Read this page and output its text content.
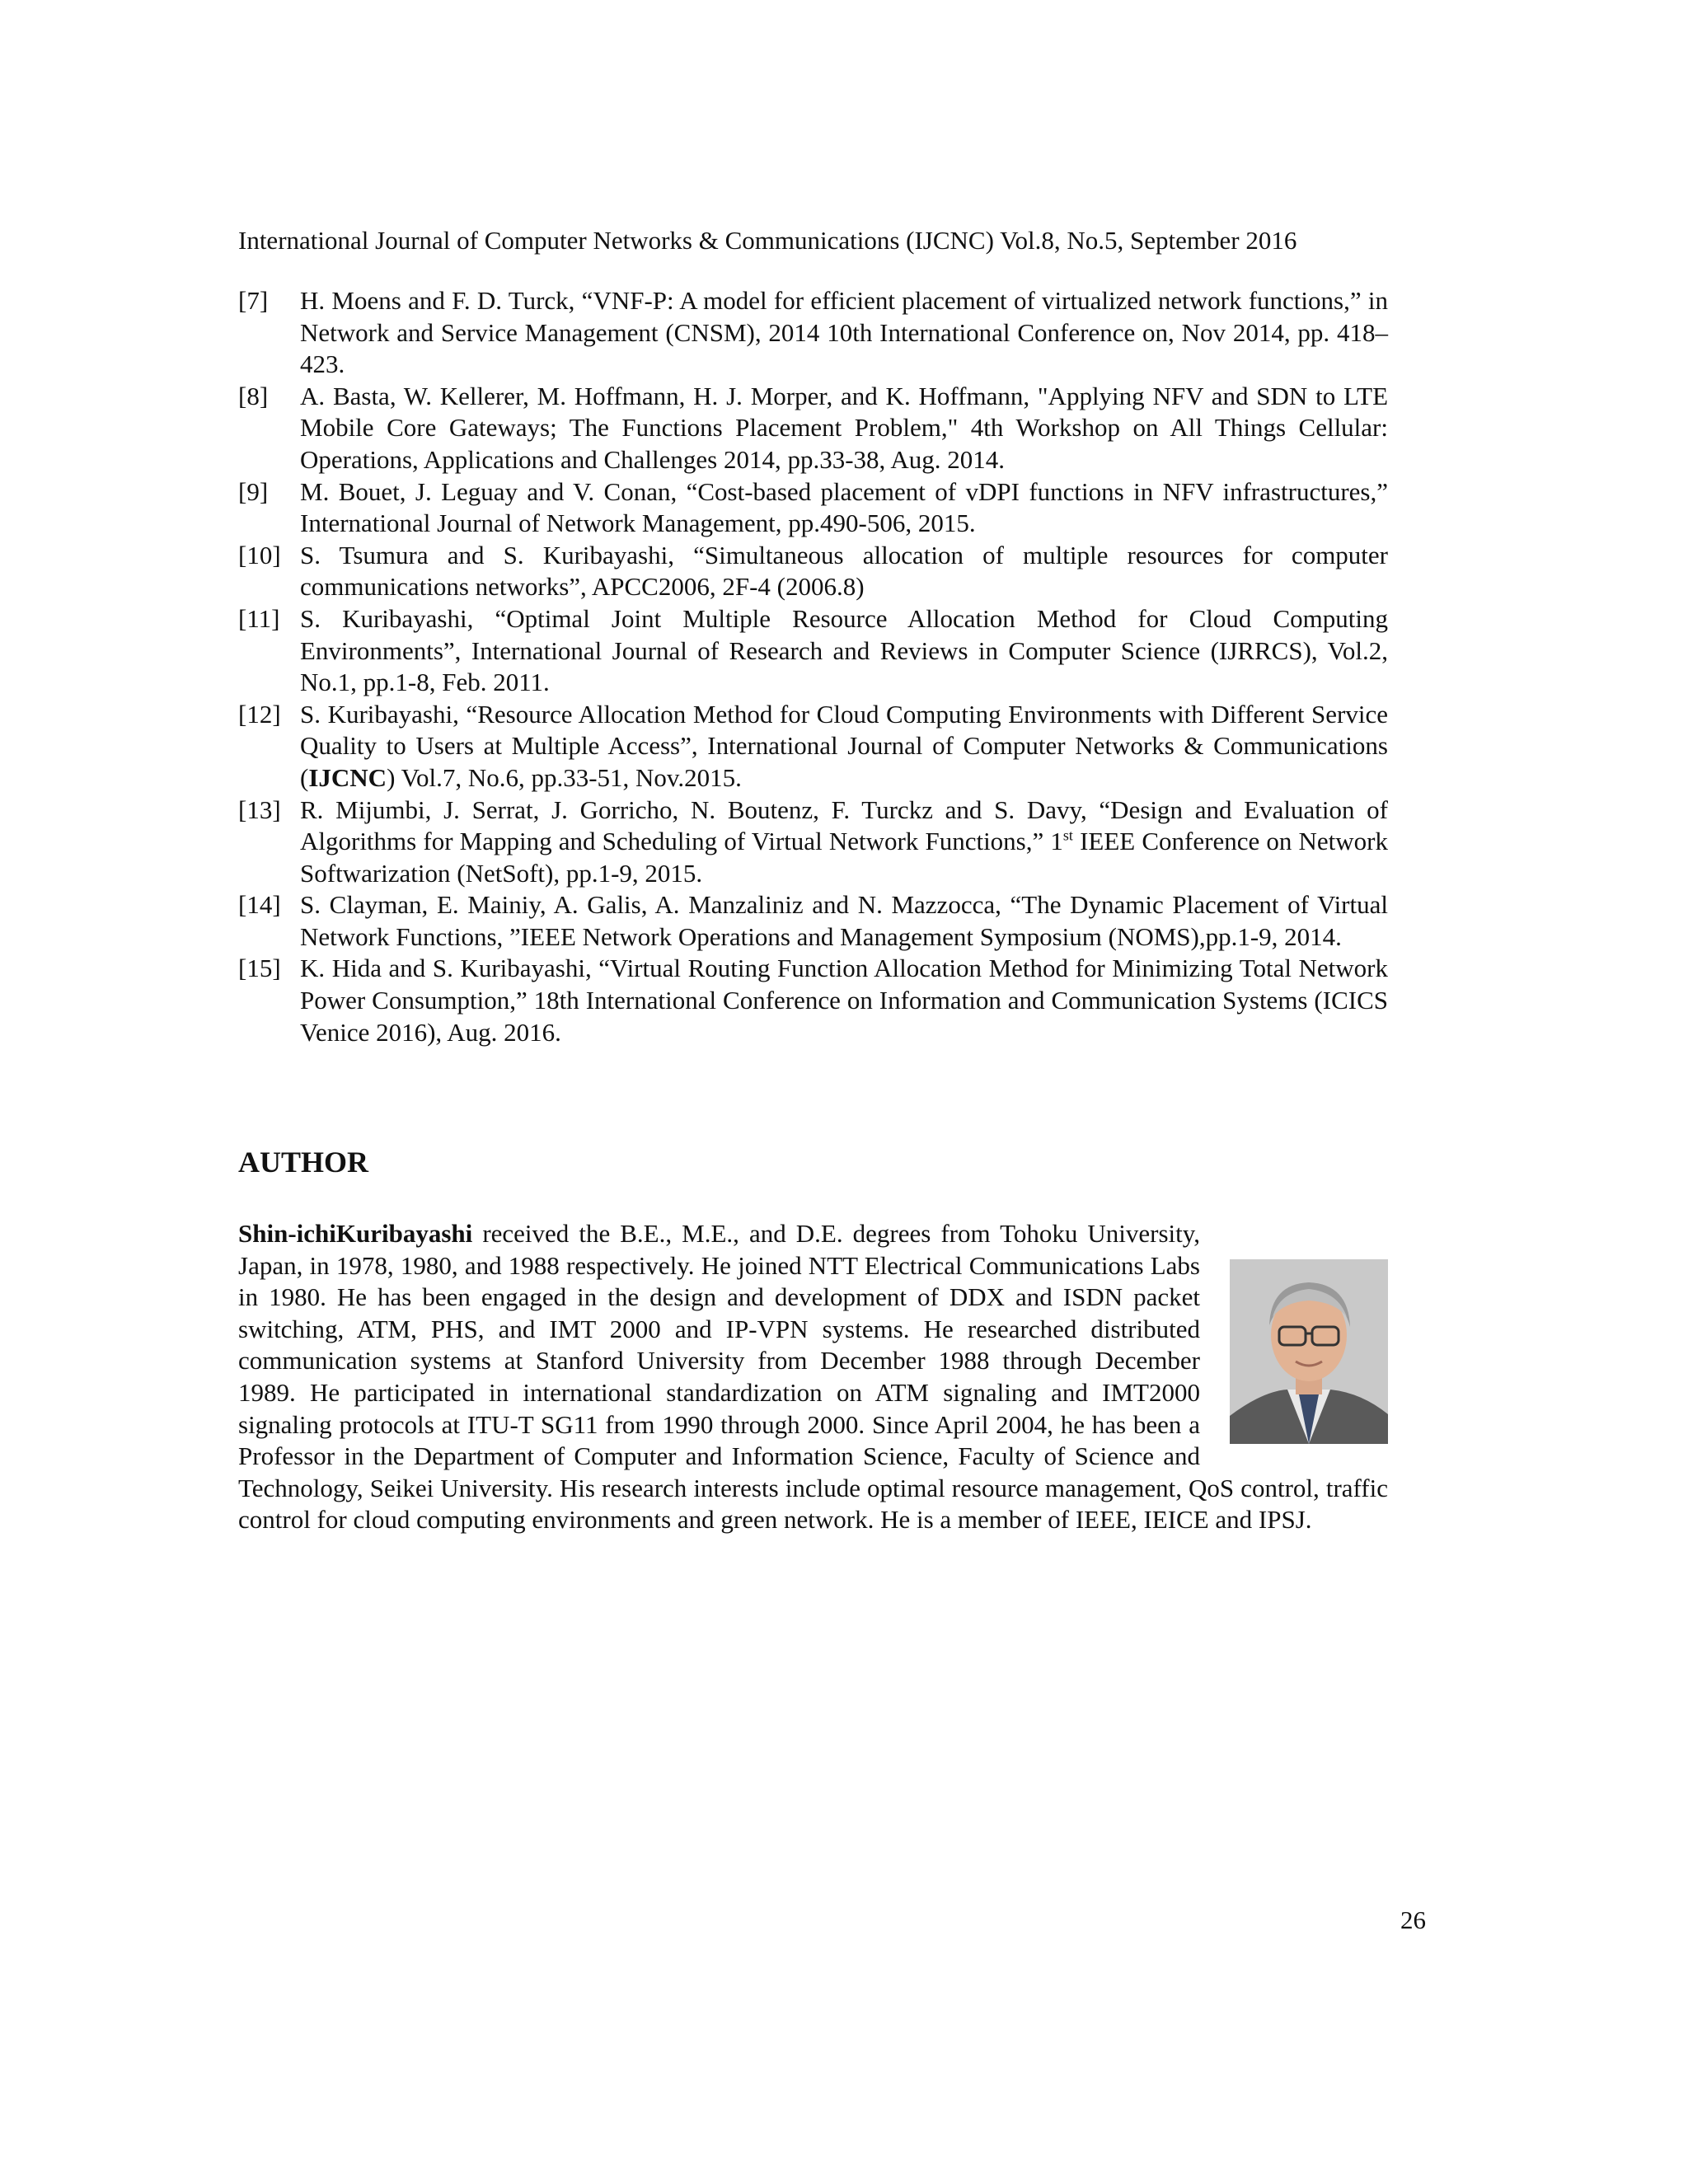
International Journal of Computer Networks & Communications (IJCNC) Vol.8, No.5, September 2016
[7]	H. Moens and F. D. Turck, “VNF-P: A model for efficient placement of virtualized network functions,” in Network and Service Management (CNSM), 2014 10th International Conference on, Nov 2014, pp. 418–423.
[8]	A. Basta, W. Kellerer, M. Hoffmann, H. J. Morper, and K. Hoffmann, "Applying NFV and SDN to LTE Mobile Core Gateways; The Functions Placement Problem," 4th Workshop on All Things Cellular: Operations, Applications and Challenges 2014, pp.33-38, Aug. 2014.
[9]	M. Bouet, J. Leguay and V. Conan, “Cost-based placement of vDPI functions in NFV infrastructures,” International Journal of Network Management, pp.490-506, 2015.
[10] S. Tsumura and S. Kuribayashi, “Simultaneous allocation of multiple resources for computer communications networks”, APCC2006, 2F-4 (2006.8)
[11] S. Kuribayashi, “Optimal Joint Multiple Resource Allocation Method for Cloud Computing Environments”, International Journal of Research and Reviews in Computer Science (IJRRCS), Vol.2, No.1, pp.1-8, Feb. 2011.
[12] S. Kuribayashi, “Resource Allocation Method for Cloud Computing Environments with Different Service Quality to Users at Multiple Access”, International Journal of Computer Networks & Communications (IJCNC) Vol.7, No.6, pp.33-51, Nov.2015.
[13] R. Mijumbi, J. Serrat, J. Gorricho, N. Boutenz, F. Turckz and S. Davy, “Design and Evaluation of Algorithms for Mapping and Scheduling of Virtual Network Functions,” 1st IEEE Conference on Network Softwarization (NetSoft), pp.1-9, 2015.
[14] S. Clayman, E. Mainiy, A. Galis, A. Manzaliniz and N. Mazzocca, “The Dynamic Placement of Virtual Network Functions, ”IEEE Network Operations and Management Symposium (NOMS),pp.1-9, 2014.
[15] K. Hida and S. Kuribayashi, “Virtual Routing Function Allocation Method for Minimizing Total Network Power Consumption,” 18th International Conference on Information and Communication Systems (ICICS Venice 2016), Aug. 2016.
AUTHOR
Shin-ichiKuribayashi received the B.E., M.E., and D.E. degrees from Tohoku University, Japan, in 1978, 1980, and 1988 respectively. He joined NTT Electrical Communications Labs in 1980. He has been engaged in the design and development of DDX and ISDN packet switching, ATM, PHS, and IMT 2000 and IP-VPN systems. He researched distributed communication systems at Stanford University from December 1988 through December 1989. He participated in international standardization on ATM signaling and IMT2000 signaling protocols at ITU-T SG11 from 1990 through 2000. Since April 2004, he has been a Professor in the Department of Computer and Information Science, Faculty of Science and Technology, Seikei University. His research interests include optimal resource management, QoS control, traffic control for cloud computing environments and green network. He is a member of IEEE, IEICE and IPSJ.
26
